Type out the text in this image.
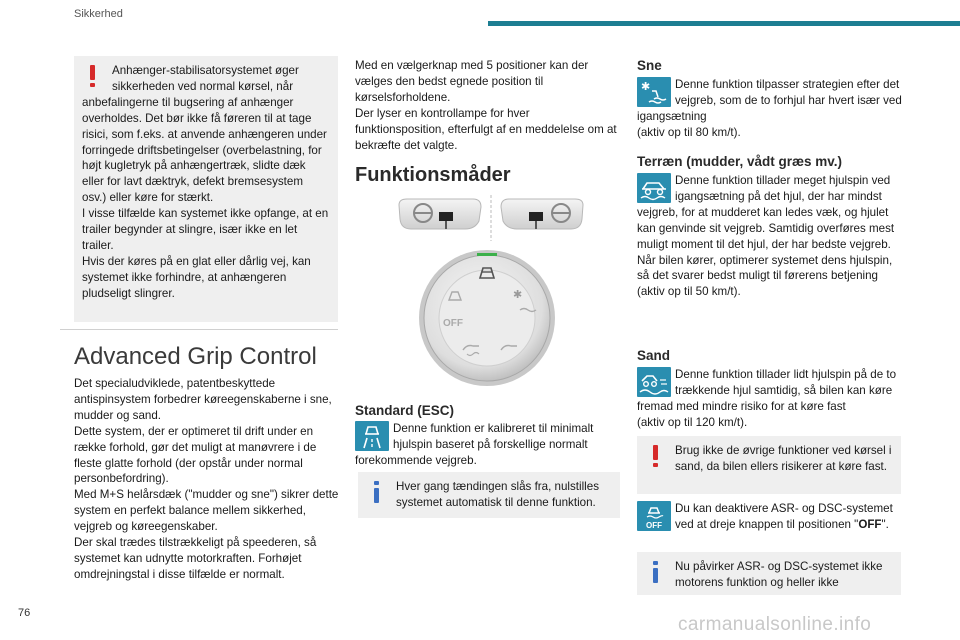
Sikkerhed

Anhænger-stabilisatorsystemet øger sikkerheden ved normal kørsel, når anbefalingerne til bugsering af anhænger overholdes. Det bør ikke få føreren til at tage risici, som f.eks. at anvende anhængeren under forringede driftsbetingelser (overbelastning, for højt kugletryk på anhængertræk, slidte dæk eller for lavt dæktryk, defekt bremsesystem osv.) eller køre for stærkt.
I visse tilfælde kan systemet ikke opfange, at en trailer begynder at slingre, især ikke en let trailer.
Hvis der køres på en glat eller dårlig vej, kan systemet ikke forhindre, at anhængeren pludseligt slingrer.

Advanced Grip Control

Det specialudviklede, patentbeskyttede antispinsystem forbedrer køreegenskaberne i sne, mudder og sand.
Dette system, der er optimeret til drift under en række forhold, gør det muligt at manøvrere i de fleste glatte forhold (der opstår under normal personbefordring).
Med M+S helårsdæk ("mudder og sne") sikrer dette system en perfekt balance mellem sikkerhed, vejgreb og køreegenskaber.
Der skal trædes tilstrækkeligt på speederen, så systemet kan udnytte motorkraften. Forhøjet omdrejningstal i disse tilfælde er normalt.

Med en vælgerknap med 5 positioner kan der vælges den bedst egnede position til kørselsforholdene.
Der lyser en kontrollampe for hver funktionsposition, efterfulgt af en meddelelse om at bekræfte det valgte.

Funktionsmåder
✱
OFF
Standard (ESC)

Denne funktion er kalibreret til minimalt hjulspin baseret på forskellige normalt forekommende vejgreb.

Hver gang tændingen slås fra, nulstilles systemet automatisk til denne funktion.

Sne
✱	Denne funktion tilpasser strategien efter det vejgreb, som de to forhjul har hvert især ved igangsætning
(aktiv op til 80 km/t).

Terræn (mudder, vådt græs mv.)

Denne funktion tillader meget hjulspin ved igangsætning på det hjul, der har mindst vejgreb, for at mudderet kan ledes væk, og hjulet kan genvinde sit vejgreb. Samtidig overføres mest muligt moment til det hjul, der har bedste vejgreb.
Når bilen kører, optimerer systemet dens hjulspin, så det svarer bedst muligt til førerens betjening
(aktiv op til 50 km/t).

Sand

Denne funktion tillader lidt hjulspin på de to trækkende hjul samtidig, så bilen kan køre fremad med mindre risiko for at køre fast
(aktiv op til 120 km/t).

Brug ikke de øvrige funktioner ved kørsel i sand, da bilen ellers risikerer at køre fast.

OFF

Du kan deaktivere ASR- og DSC-systemet ved at dreje knappen til positionen "OFF".

Nu påvirker ASR- og DSC-systemet ikke motorens funktion og heller ikke

76
carmanualsonline.info
